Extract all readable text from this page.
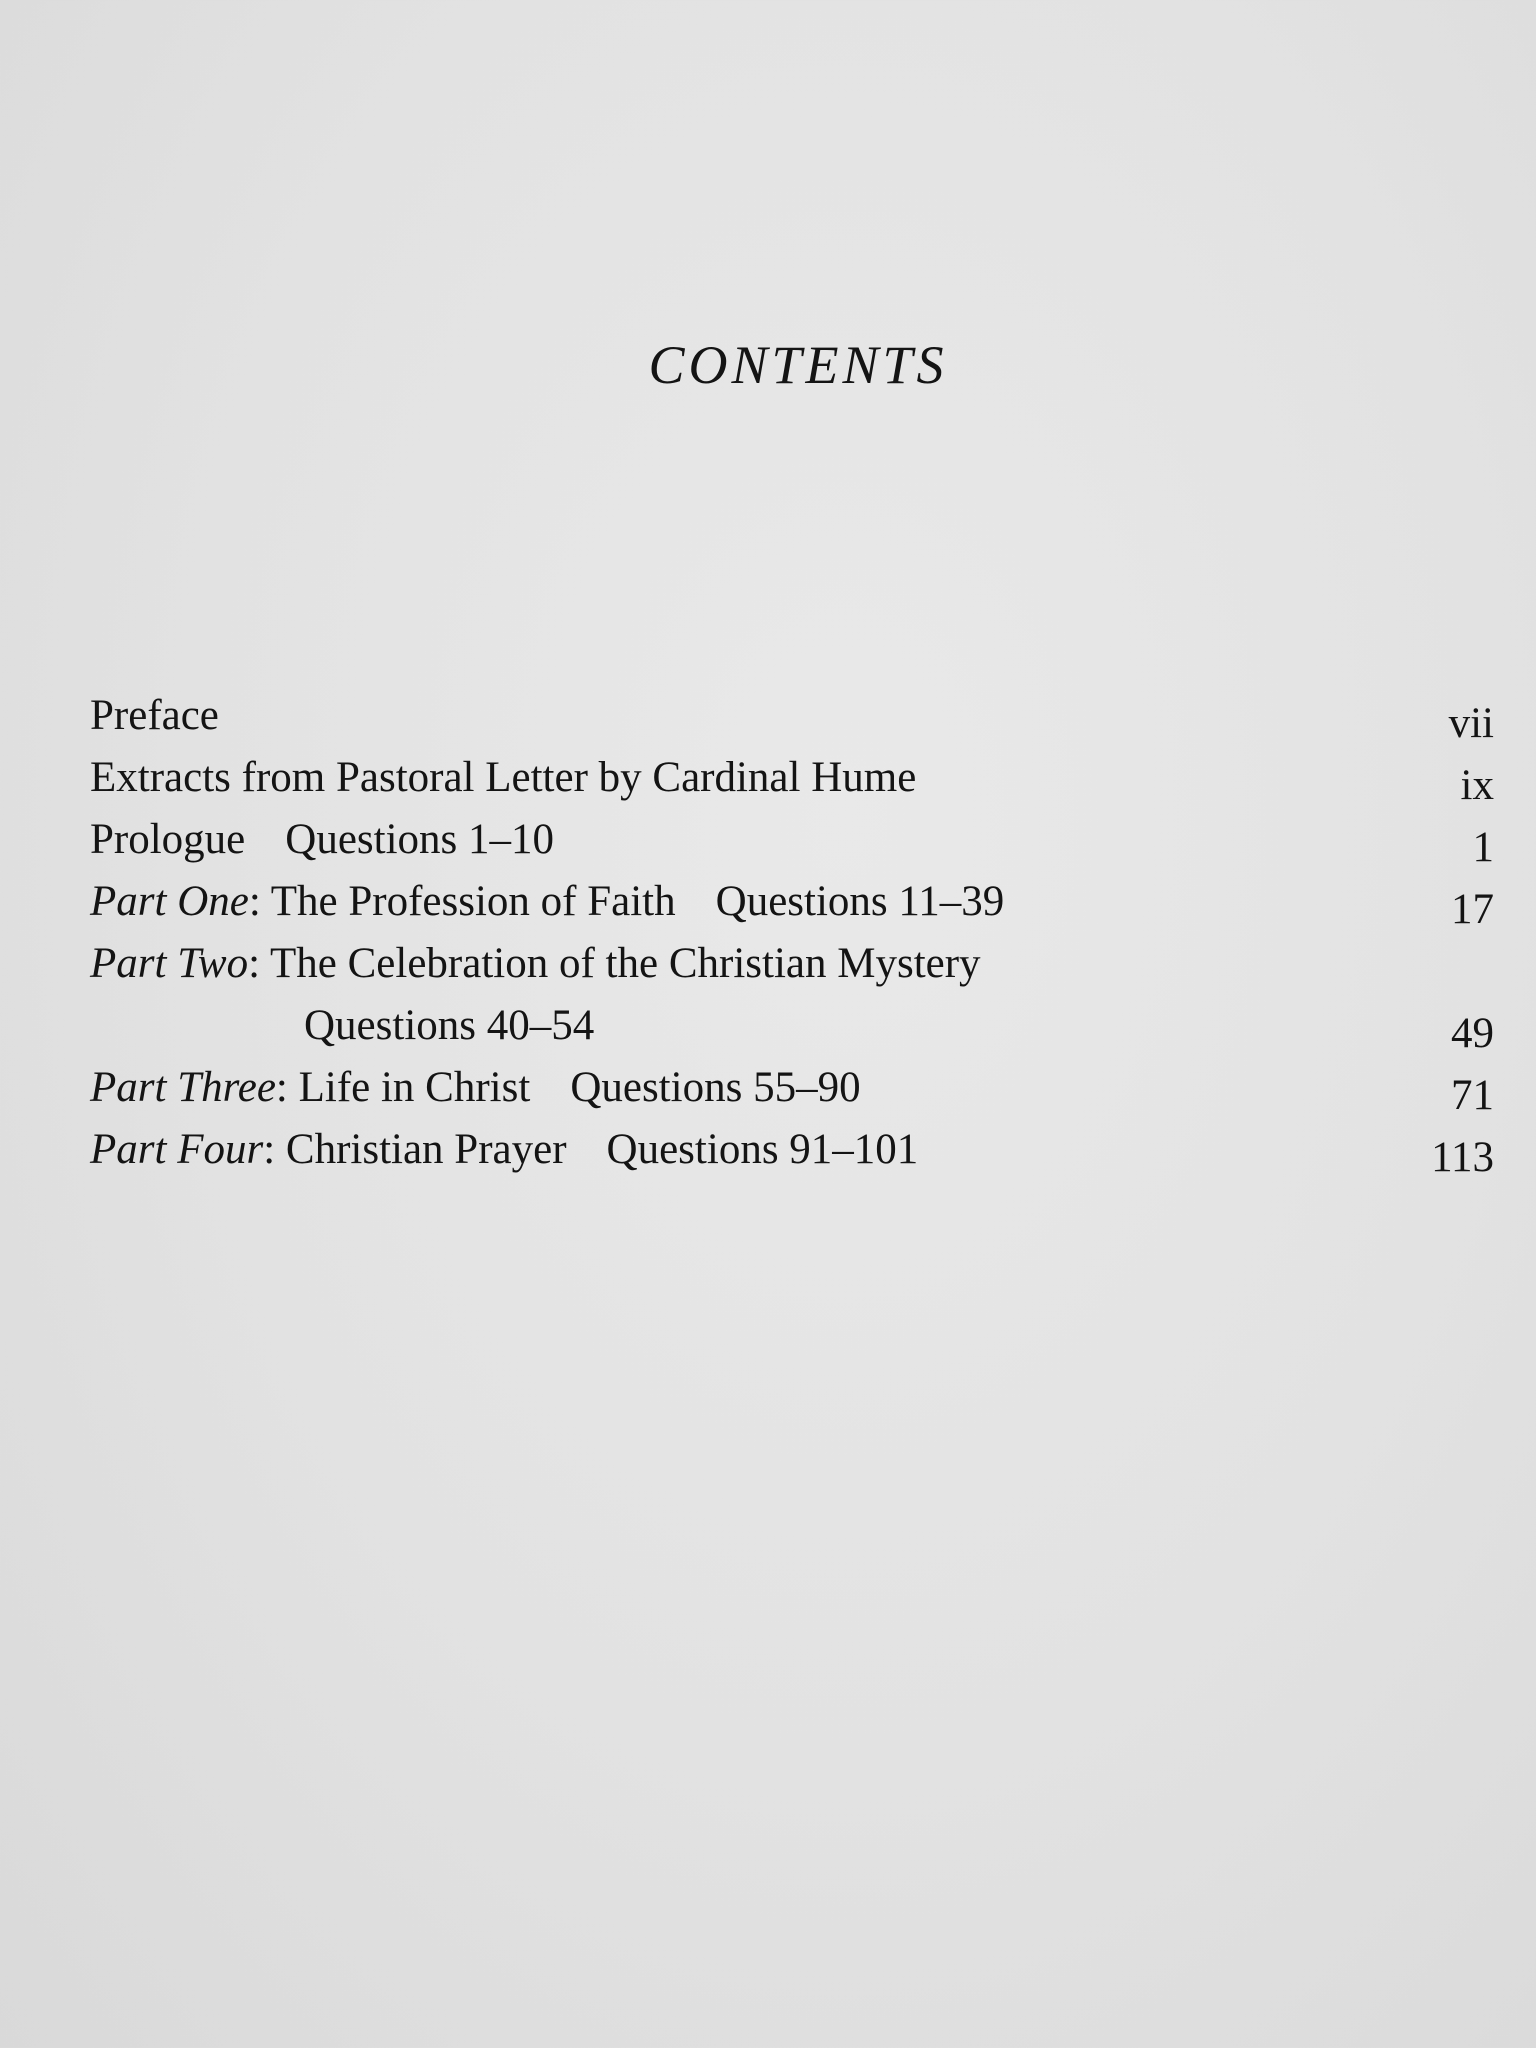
CONTENTS
Preface	vii
Extracts from Pastoral Letter by Cardinal Hume	ix
Prologue Questions 1–10	1
Part One: The Profession of Faith Questions 11–39	17
Part Two: The Celebration of the Christian Mystery
Questions 40–54	49
Part Three: Life in Christ Questions 55–90	71
Part Four: Christian Prayer Questions 91–101	113
